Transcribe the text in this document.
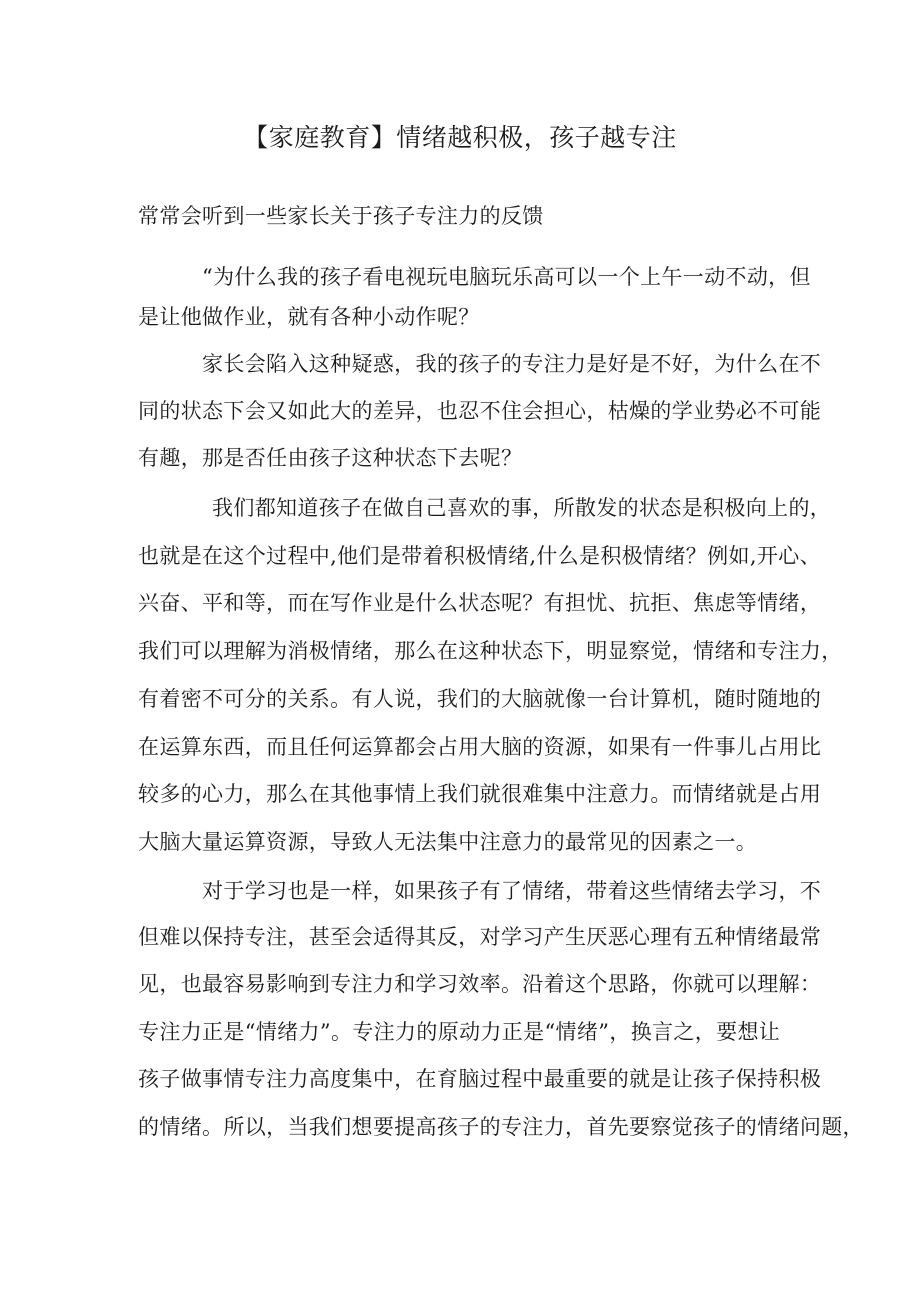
【家庭教育】情绪越积极，孩子越专注
常常会听到一些家长关于孩子专注力的反馈
“为什么我的孩子看电视玩电脑玩乐高可以一个上午一动不动，但
是让他做作业，就有各种小动作呢？
家长会陷入这种疑惑，我的孩子的专注力是好是不好，为什么在不
同的状态下会又如此大的差异，也忍不住会担心，枯燥的学业势必不可能
有趣，那是否任由孩子这种状态下去呢？
我们都知道孩子在做自己喜欢的事，所散发的状态是积极向上的，
也就是在这个过程中,他们是带着积极情绪,什么是积极情绪？例如,开心、
兴奋、平和等，而在写作业是什么状态呢？有担忧、抗拒、焦虑等情绪，
我们可以理解为消极情绪，那么在这种状态下，明显察觉，情绪和专注力，
有着密不可分的关系。有人说，我们的大脑就像一台计算机，随时随地的
在运算东西，而且任何运算都会占用大脑的资源，如果有一件事儿占用比
较多的心力，那么在其他事情上我们就很难集中注意力。而情绪就是占用
大脑大量运算资源，导致人无法集中注意力的最常见的因素之一。
对于学习也是一样，如果孩子有了情绪，带着这些情绪去学习，不
但难以保持专注，甚至会适得其反，对学习产生厌恶心理有五种情绪最常
见，也最容易影响到专注力和学习效率。沿着这个思路，你就可以理解：
专注力正是“情绪力”。专注力的原动力正是“情绪”，换言之，要想让
孩子做事情专注力高度集中，在育脑过程中最重要的就是让孩子保持积极
的情绪。所以，当我们想要提高孩子的专注力，首先要察觉孩子的情绪问题，
